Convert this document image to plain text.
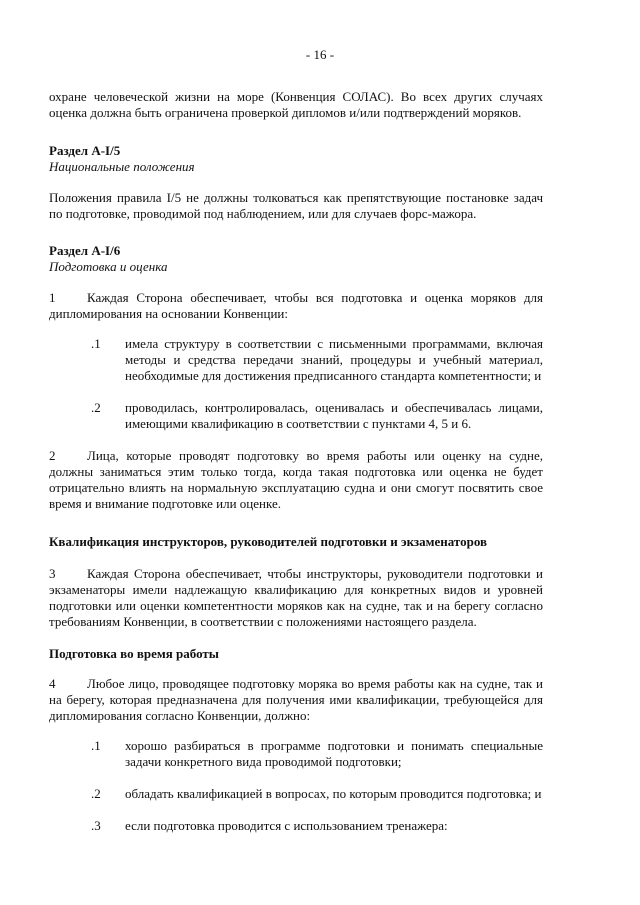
- 16 -

охране человеческой жизни на море (Конвенция СОЛАС). Во всех других случаях оценка должна быть ограничена проверкой дипломов и/или подтверждений моряков.

Раздел A-I/5

Национальные положения

Положения правила I/5 не должны толковаться как препятствующие постановке задач по подготовке, проводимой под наблюдением, или для случаев форс-мажора.

Раздел A-I/6

Подготовка и оценка

1 Каждая Сторона обеспечивает, чтобы вся подготовка и оценка моряков для дипломирования на основании Конвенции:

.1	имела структуру в соответствии с письменными программами, включая методы и средства передачи знаний, процедуры и учебный материал, необходимые для достижения предписанного стандарта компетентности; и
.2	проводилась, контролировалась, оценивалась и обеспечивалась лицами, имеющими квалификацию в соответствии с пунктами 4, 5 и 6.

2 Лица, которые проводят подготовку во время работы или оценку на судне, должны заниматься этим только тогда, когда такая подготовка или оценка не будет отрицательно влиять на нормальную эксплуатацию судна и они смогут посвятить свое время и внимание подготовке или оценке.

Квалификация инструкторов, руководителей подготовки и экзаменаторов

3 Каждая Сторона обеспечивает, чтобы инструкторы, руководители подготовки и экзаменаторы имели надлежащую квалификацию для конкретных видов и уровней подготовки или оценки компетентности моряков как на судне, так и на берегу согласно требованиям Конвенции, в соответствии с положениями настоящего раздела.

Подготовка во время работы

4 Любое лицо, проводящее подготовку моряка во время работы как на судне, так и на берегу, которая предназначена для получения ими квалификации, требующейся для дипломирования согласно Конвенции, должно:

.1	хорошо разбираться в программе подготовки и понимать специальные задачи конкретного вида проводимой подготовки;
.2	обладать квалификацией в вопросах, по которым проводится подготовка; и
.3	если подготовка проводится с использованием тренажера:
